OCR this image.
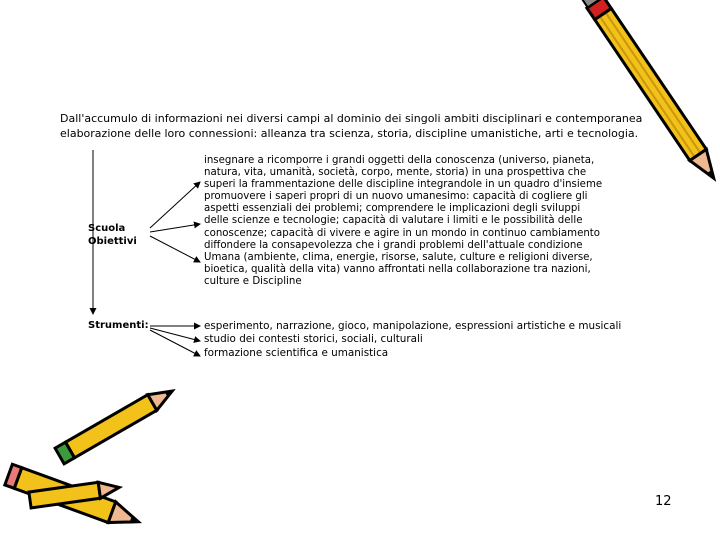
Dall'accumulo di informazioni nei diversi campi al dominio dei singoli ambiti disciplinari e contemporanea
elaborazione delle loro connessioni: alleanza tra scienza, storia, discipline umanistiche, arti e tecnologia.
Scuola
Obiettivi
Strumenti:
insegnare a ricomporre i grandi oggetti della conoscenza (universo, pianeta,
natura, vita, umanità, società, corpo, mente, storia) in una prospettiva che
superi la frammentazione delle discipline integrandole in un quadro d'insieme
promuovere i saperi propri di un nuovo umanesimo: capacità di cogliere gli
aspetti essenziali dei problemi; comprendere le implicazioni degli sviluppi
delle scienze e tecnologie; capacità di valutare i limiti e le possibilità delle
conoscenze; capacità di vivere e agire in un mondo in continuo cambiamento
diffondere la consapevolezza che i grandi problemi dell'attuale condizione
Umana (ambiente, clima, energie, risorse, salute, culture e religioni diverse,
bioetica, qualità della vita) vanno affrontati nella collaborazione tra nazioni,
culture e Discipline
esperimento, narrazione, gioco, manipolazione, espressioni artistiche e musicali
studio dei contesti storici, sociali, culturali
formazione scientifica e umanistica
12
